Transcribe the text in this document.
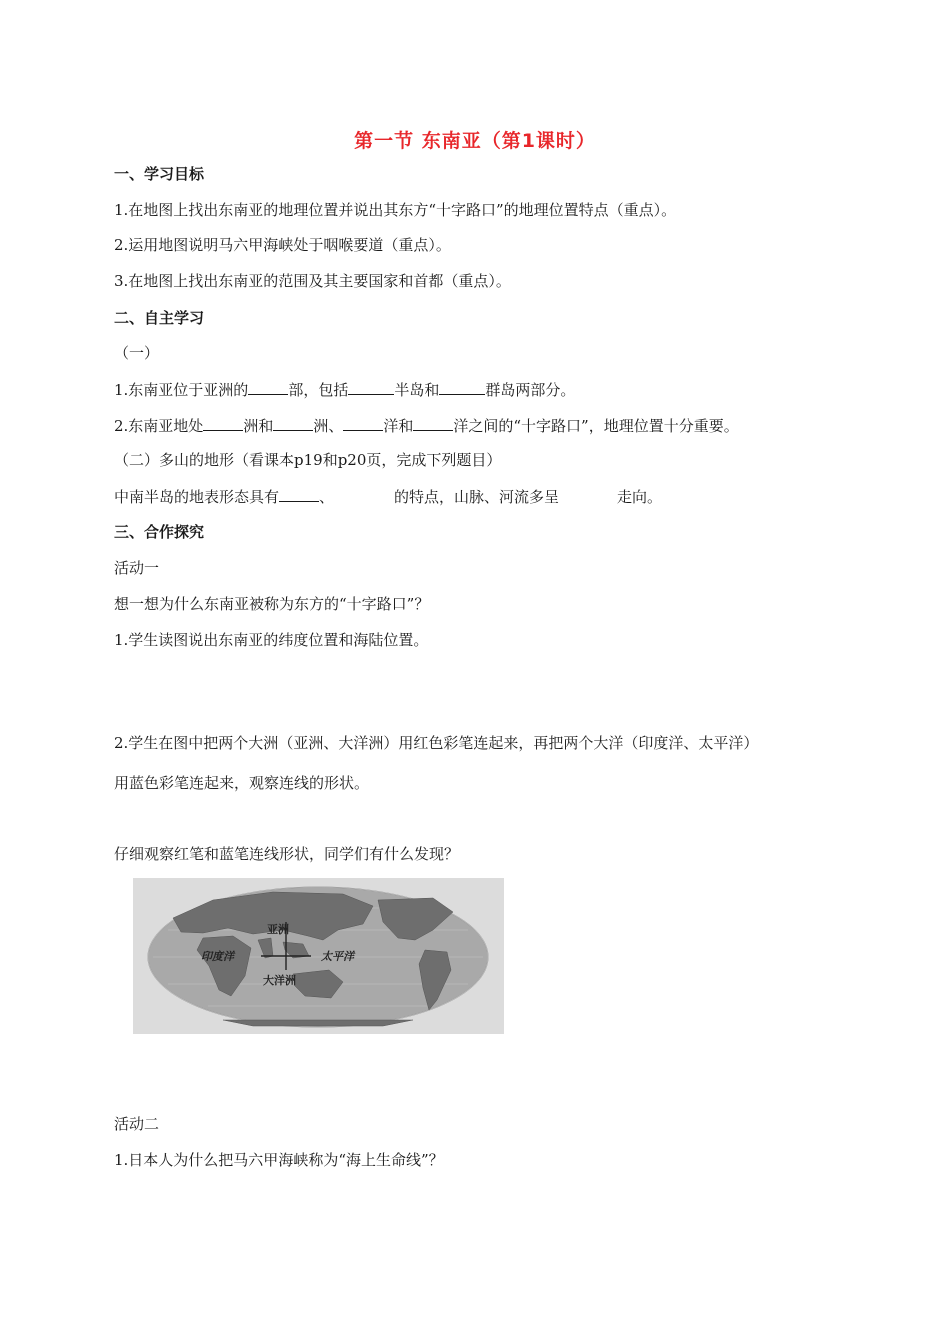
第一节 东南亚（第1课时）
一、学习目标
1.在地图上找出东南亚的地理位置并说出其东方“十字路口”的地理位置特点（重点）。
2.运用地图说明马六甲海峡处于咽喉要道（重点）。
3.在地图上找出东南亚的范围及其主要国家和首都（重点）。
二、自主学习
（一）
1.东南亚位于亚洲的	部，包括	半岛和	群岛两部分。
2.东南亚地处	洲和	洲、	洋和	洋之间的“十字路口”，地理位置十分重要。
（二）多山的地形（看课本p19和p20页，完成下列题目）
中南半岛的地表形态具有	、	的特点，山脉、河流多呈	走向。
三、合作探究
活动一
想一想为什么东南亚被称为东方的“十字路口”？
1.学生读图说出东南亚的纬度位置和海陆位置。
2.学生在图中把两个大洲（亚洲、大洋洲）用红色彩笔连起来，再把两个大洋（印度洋、太平洋）
用蓝色彩笔连起来，观察连线的形状。
仔细观察红笔和蓝笔连线形状，同学们有什么发现？
亚洲
印度洋	太平洋
大洋洲
活动二
1.日本人为什么把马六甲海峡称为“海上生命线”？
